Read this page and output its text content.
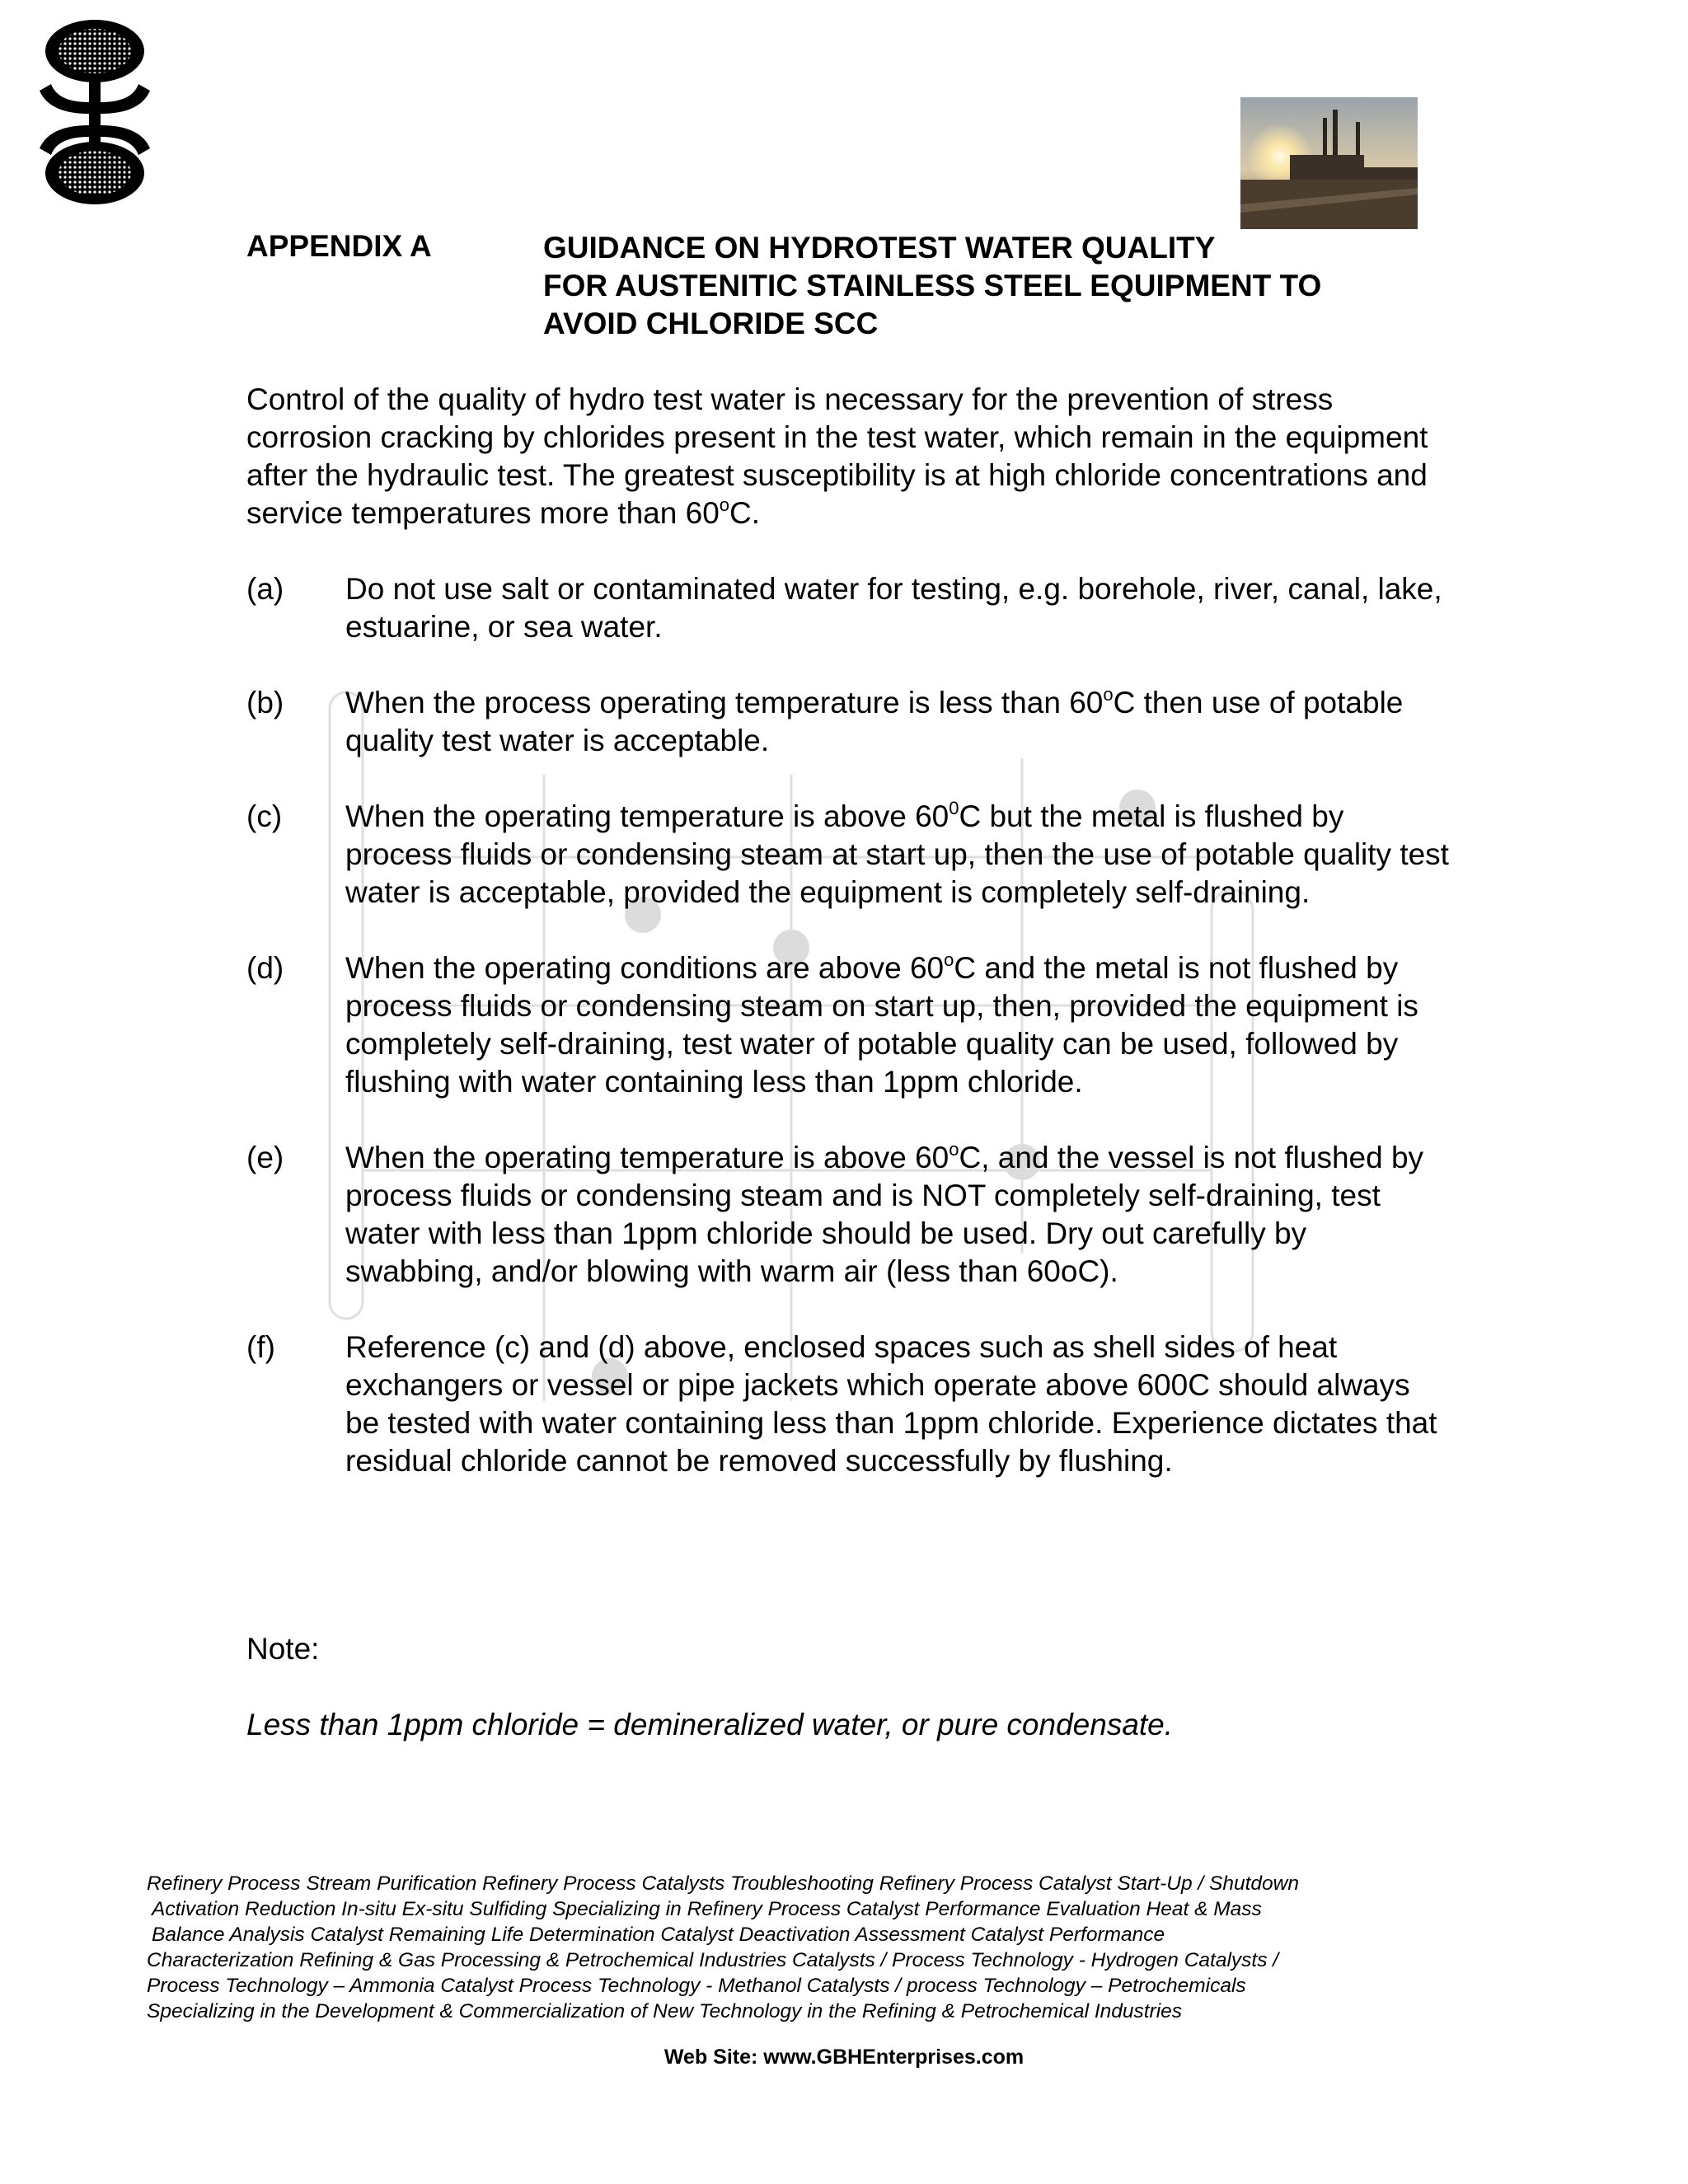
APPENDIX A	GUIDANCE ON HYDROTEST WATER QUALITY
FOR AUSTENITIC STAINLESS STEEL EQUIPMENT TO
AVOID CHLORIDE SCC
Control of the quality of hydro test water is necessary for the prevention of stress corrosion cracking by chlorides present in the test water, which remain in the equipment after the hydraulic test. The greatest susceptibility is at high chloride concentrations and service temperatures more than 60$^o$C.
(a) Do not use salt or contaminated water for testing, e.g. borehole, river, canal, lake, estuarine, or sea water.
(b) When the process operating temperature is less than 60$^o$C then use of potable quality test water is acceptable.
(c) When the operating temperature is above $60^0C$ but the metal is flushed by process fluids or condensing steam at start up, then the use of potable quality test water is acceptable, provided the equipment is completely self-draining.
(d) When the operating conditions are above 60$^o$C and the metal is not flushed by process fluids or condensing steam on start up, then, provided the equipment is completely self-draining, test water of potable quality can be used, followed by flushing with water containing less than 1ppm chloride.
(e) When the operating temperature is above 60$^o$C, and the vessel is not flushed by process fluids or condensing steam and is NOT completely self-draining, test water with less than 1ppm chloride should be used. Dry out carefully by swabbing, and/or blowing with warm air (less than 60oC).
(f) Reference (c) and (d) above, enclosed spaces such as shell sides of heat exchangers or vessel or pipe jackets which operate above 600C should always be tested with water containing less than 1ppm chloride. Experience dictates that residual chloride cannot be removed successfully by flushing.
Note:
Less than 1ppm chloride = demineralized water, or pure condensate.
Refinery Process Stream Purification Refinery Process Catalysts Troubleshooting Refinery Process Catalyst Start-Up / Shutdown
Activation Reduction In-situ Ex-situ Sulfiding Specializing in Refinery Process Catalyst Performance Evaluation Heat & Mass
Balance Analysis Catalyst Remaining Life Determination Catalyst Deactivation Assessment Catalyst Performance
Characterization Refining & Gas Processing & Petrochemical Industries Catalysts / Process Technology - Hydrogen Catalysts /
Process Technology – Ammonia Catalyst Process Technology - Methanol Catalysts / process Technology – Petrochemicals
Specializing in the Development & Commercialization of New Technology in the Refining & Petrochemical Industries
Web Site: www.GBHEnterprises.com
